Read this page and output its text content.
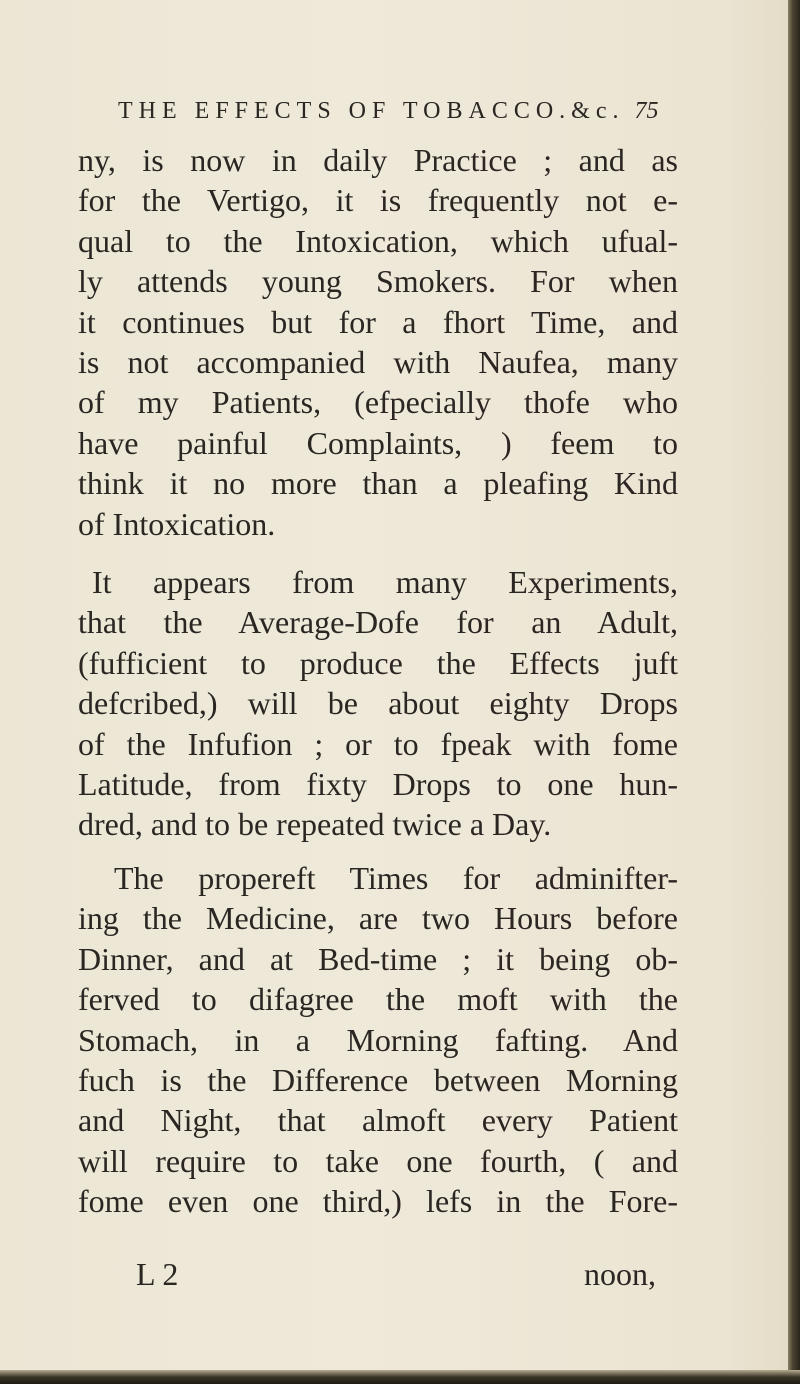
THE EFFECTS OF TOBACCO.&c. 75
ny, is now in daily Practice ; and as
for the Vertigo, it is frequently not e-
qual to the Intoxication, which ufual-
ly attends young Smokers. For when
it continues but for a fhort Time, and
is not accompanied with Naufea, many
of my Patients, (efpecially thofe who
have painful Complaints, ) feem to
think it no more than a pleafing Kind
of Intoxication.
It appears from many Experiments,
that the Average-Dofe for an Adult,
(fufficient to produce the Effects juft
defcribed,) will be about eighty Drops
of the Infufion ; or to fpeak with fome
Latitude, from fixty Drops to one hun-
dred, and to be repeated twice a Day.
The propereft Times for adminifter-
ing the Medicine, are two Hours before
Dinner, and at Bed-time ; it being ob-
ferved to difagree the moft with the
Stomach, in a Morning fafting. And
fuch is the Difference between Morning
and Night, that almoft every Patient
will require to take one fourth, ( and
fome even one third,) lefs in the Fore-
L 2	noon,
